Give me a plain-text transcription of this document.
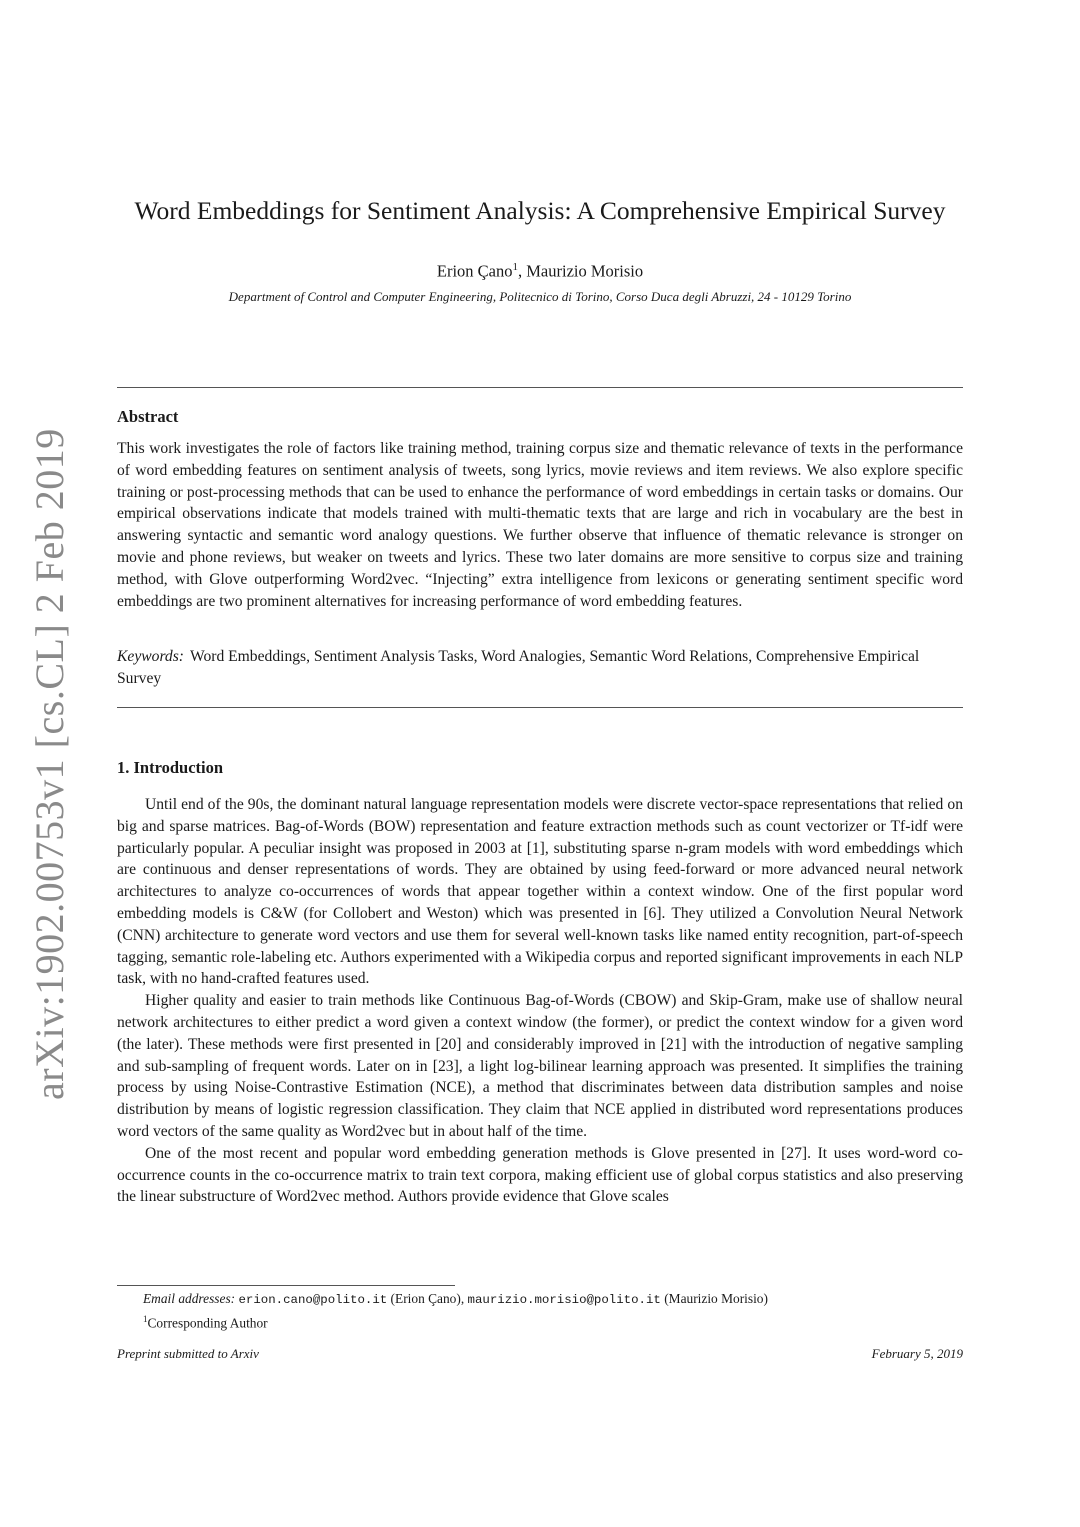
arXiv:1902.00753v1 [cs.CL] 2 Feb 2019
Word Embeddings for Sentiment Analysis: A Comprehensive Empirical Survey
Erion Çano$^1$, Maurizio Morisio
Department of Control and Computer Engineering, Politecnico di Torino, Corso Duca degli Abruzzi, 24 - 10129 Torino
Abstract
This work investigates the role of factors like training method, training corpus size and thematic relevance of texts in the performance of word embedding features on sentiment analysis of tweets, song lyrics, movie reviews and item reviews. We also explore specific training or post-processing methods that can be used to enhance the performance of word embeddings in certain tasks or domains. Our empirical observations indicate that models trained with multi-thematic texts that are large and rich in vocabulary are the best in answering syntactic and semantic word analogy questions. We further observe that influence of thematic relevance is stronger on movie and phone reviews, but weaker on tweets and lyrics. These two later domains are more sensitive to corpus size and training method, with Glove outperforming Word2vec. “Injecting” extra intelligence from lexicons or generating sentiment specific word embeddings are two prominent alternatives for increasing performance of word embedding features.
Keywords: Word Embeddings, Sentiment Analysis Tasks, Word Analogies, Semantic Word Relations, Comprehensive Empirical Survey
1. Introduction

Until end of the 90s, the dominant natural language representation models were discrete vector-space representations that relied on big and sparse matrices. Bag-of-Words (BOW) representation and feature extraction methods such as count vectorizer or Tf-idf were particularly popular. A peculiar insight was proposed in 2003 at [1], substituting sparse n-gram models with word embeddings which are continuous and denser representations of words. They are obtained by using feed-forward or more advanced neural network architectures to analyze co-occurrences of words that appear together within a context window. One of the first popular word embedding models is C&W (for Collobert and Weston) which was presented in [6]. They utilized a Convolution Neural Network (CNN) architecture to generate word vectors and use them for several well-known tasks like named entity recognition, part-of-speech tagging, semantic role-labeling etc. Authors experimented with a Wikipedia corpus and reported significant improvements in each NLP task, with no hand-crafted features used.

Higher quality and easier to train methods like Continuous Bag-of-Words (CBOW) and Skip-Gram, make use of shallow neural network architectures to either predict a word given a context window (the former), or predict the context window for a given word (the later). These methods were first presented in [20] and considerably improved in [21] with the introduction of negative sampling and sub-sampling of frequent words. Later on in [23], a light log-bilinear learning approach was presented. It simplifies the training process by using Noise-Contrastive Estimation (NCE), a method that discriminates between data distribution samples and noise distribution by means of logistic regression classification. They claim that NCE applied in distributed word representations produces word vectors of the same quality as Word2vec but in about half of the time.

One of the most recent and popular word embedding generation methods is Glove presented in [27]. It uses word-word co-occurrence counts in the co-occurrence matrix to train text corpora, making efficient use of global corpus statistics and also preserving the linear substructure of Word2vec method. Authors provide evidence that Glove scales

Email addresses: erion.cano@polito.it (Erion Çano), maurizio.morisio@polito.it (Maurizio Morisio)
$^1$Corresponding Author
Preprint submitted to Arxiv	February 5, 2019
